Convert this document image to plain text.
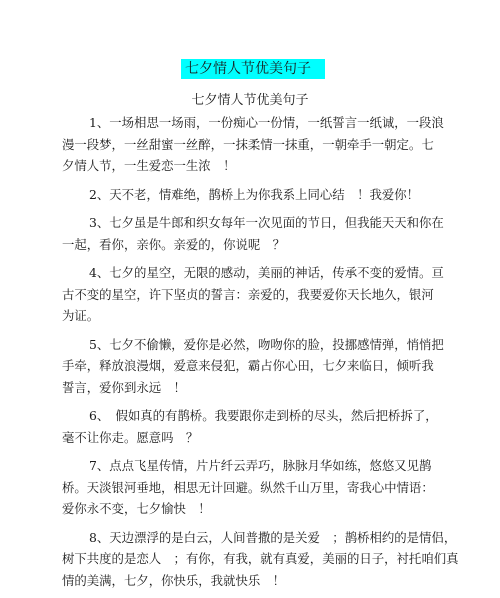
七夕情人节优美句子
七夕情人节优美句子

1、一场相思一场雨，一份痴心一份情，一纸誓言一纸诚，一段浪
漫一段梦，一丝甜蜜一丝醉，一抹柔情一抹重，一朝牵手一朝定。七
夕情人节，一生爱恋一生浓　！

2、天不老，情难绝，鹊桥上为你我系上同心结　！我爱你！

3、七夕虽是牛郎和织女每年一次见面的节日，但我能天天和你在
一起，看你，亲你。亲爱的，你说呢　？

4、七夕的星空，无限的感动，美丽的神话，传承不变的爱情。亘
古不变的星空，许下坚贞的誓言：亲爱的，我要爱你天长地久，银河
为证。

5、七夕不偷懒，爱你是必然，吻吻你的脸，投挪感情弹，悄悄把
手牵，释放浪漫烟，爱意来侵犯，霸占你心田，七夕来临日，倾听我
誓言，爱你到永远　！

6、　假如真的有鹊桥。我要跟你走到桥的尽头，然后把桥拆了，
毫不让你走。愿意吗　？

7、点点飞星传情，片片纤云弄巧，脉脉月华如练，悠悠又见鹊
桥。天淡银河垂地，相思无计回避。纵然千山万里，寄我心中情语：
爱你永不变，七夕愉快　！

8、天边漂浮的是白云，人间普撒的是关爱　；鹊桥相约的是情侣，
树下共度的是恋人　；有你，有我，就有真爱，美丽的日子，衬托咱们真
情的美满，七夕，你快乐，我就快乐　！
